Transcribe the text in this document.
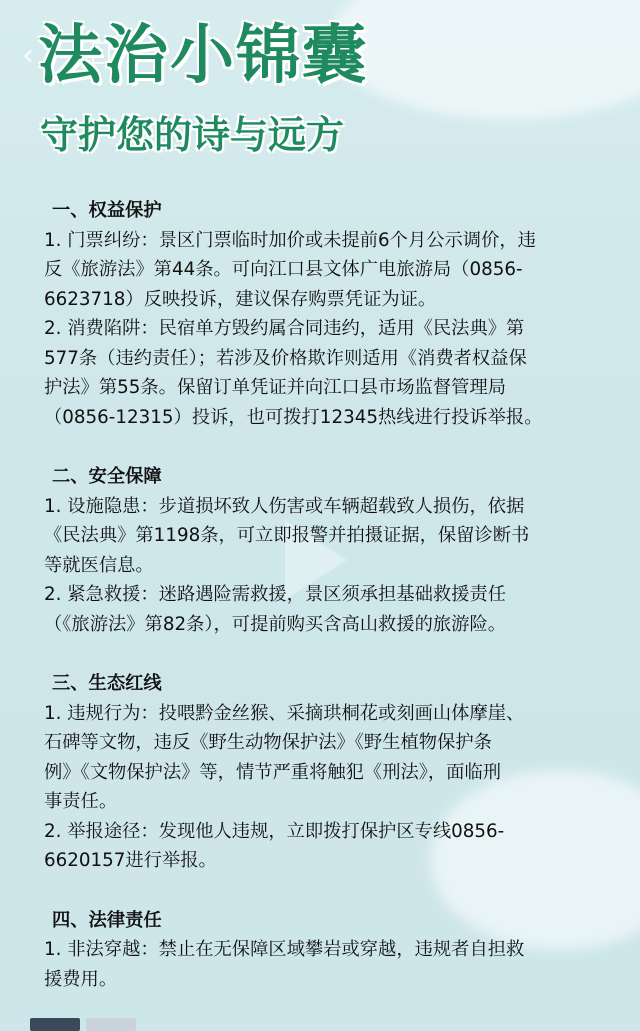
‹ 法治小锦囊
守护您的诗与远方
一、权益保护
1. 门票纠纷：景区门票临时加价或未提前6个月公示调价，违
反《旅游法》第44条。可向江口县文体广电旅游局（0856-
6623718）反映投诉，建议保存购票凭证为证。
2. 消费陷阱：民宿单方毁约属合同违约，适用《民法典》第
577条（违约责任）；若涉及价格欺诈则适用《消费者权益保
护法》第55条。保留订单凭证并向江口县市场监督管理局
（0856-12315）投诉，也可拨打12345热线进行投诉举报。
二、安全保障
1. 设施隐患：步道损坏致人伤害或车辆超载致人损伤，依据
《民法典》第1198条，可立即报警并拍摄证据，保留诊断书
等就医信息。
2. 紧急救援：迷路遇险需救援，景区须承担基础救援责任
（《旅游法》第82条），可提前购买含高山救援的旅游险。
三、生态红线
1. 违规行为：投喂黔金丝猴、采摘珙桐花或刻画山体摩崖、
石碑等文物，违反《野生动物保护法》《野生植物保护条
例》《文物保护法》等，情节严重将触犯《刑法》，面临刑
事责任。
2. 举报途径：发现他人违规，立即拨打保护区专线0856-
6620157进行举报。
四、法律责任
1. 非法穿越：禁止在无保障区域攀岩或穿越，违规者自担救
援费用。
